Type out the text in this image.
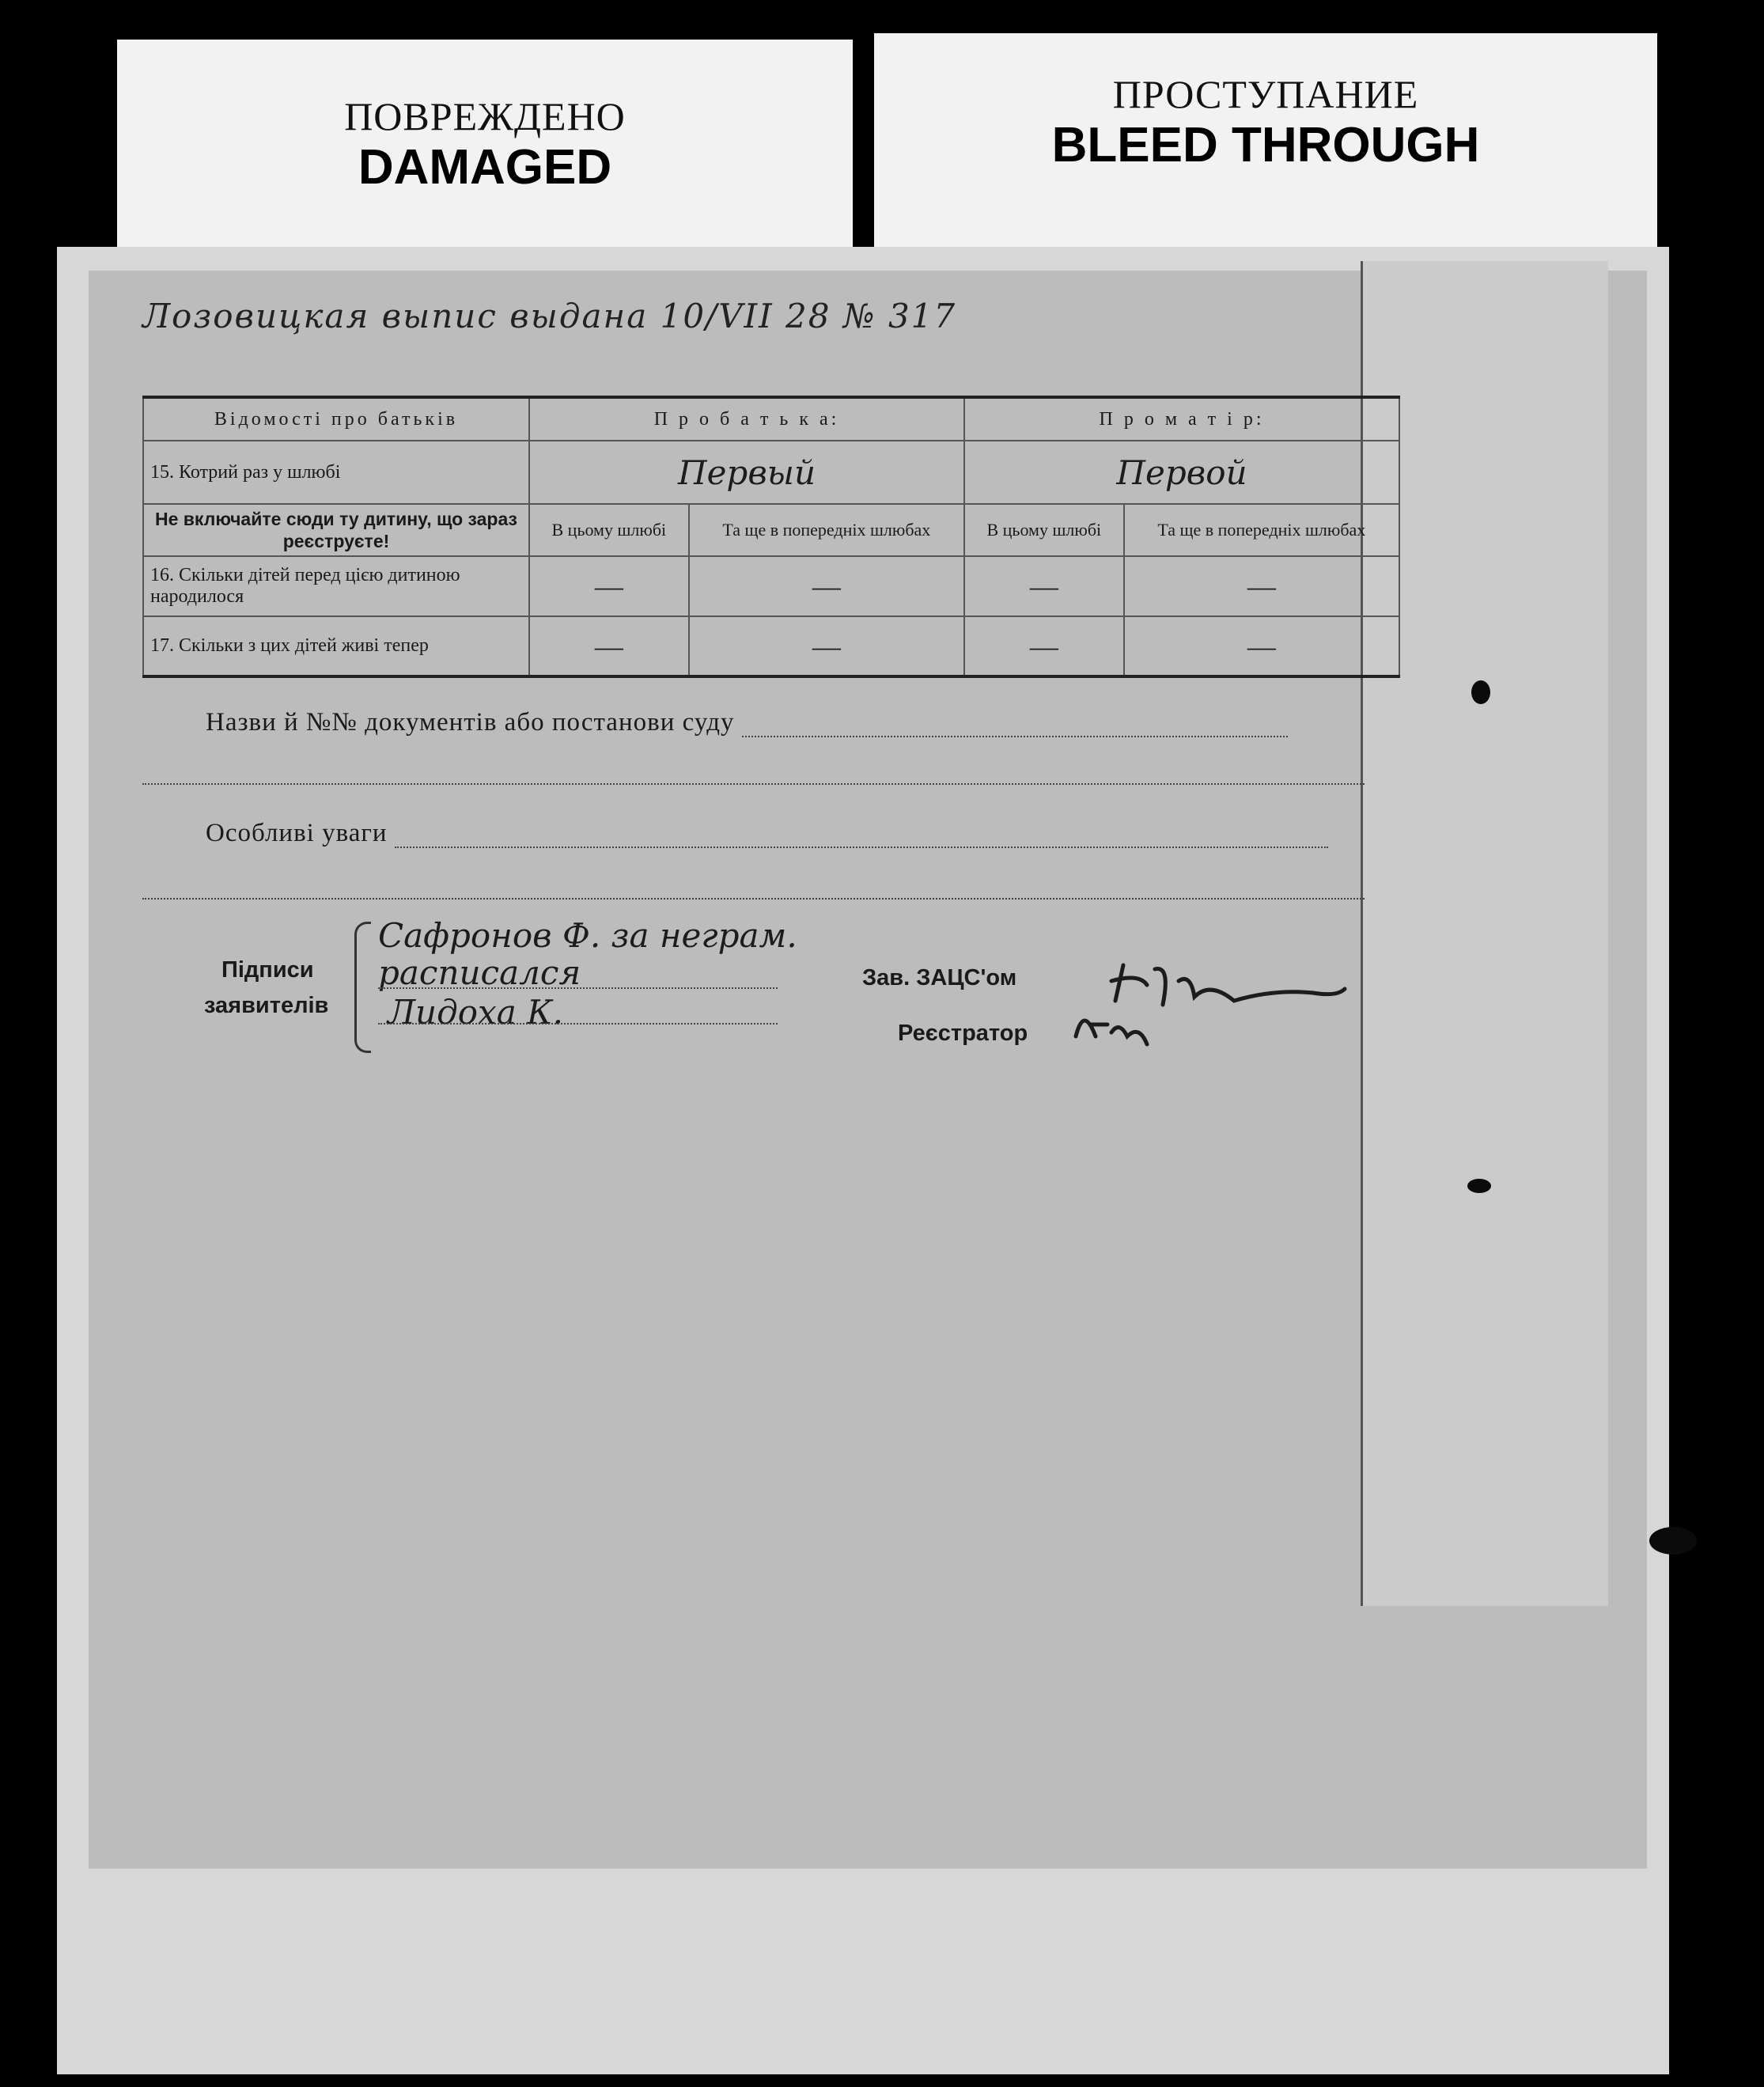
ПОВРЕЖДЕНО
DAMAGED
ПРОСТУПАНИЕ
BLEED THROUGH
Лозовицкая выпис выдана 10/VII 28 № 317
Відомості про батьків	П р о б а т ь к а:		П р о м а т і р:	
15. Котрий раз у шлюбі	Первый		Первой	
Не включайте сюди ту дитину, що зараз реєструєте!	В цьому шлюбі	Та ще в попередніх шлюбах	В цьому шлюбі	Та ще в попередніх шлюбах
16. Скільки дітей перед цією дитиною народилося	—	—	—	—
17. Скільки з цих дітей живі тепер	—	—	—	—
Назви й №№ документів або постанови суду
Особливі уваги
Підписи
заявителів
Сафронов Ф. за неграм.
расписался
Лидоха К.
Зав. ЗАЦС'ом
Реєстратор
